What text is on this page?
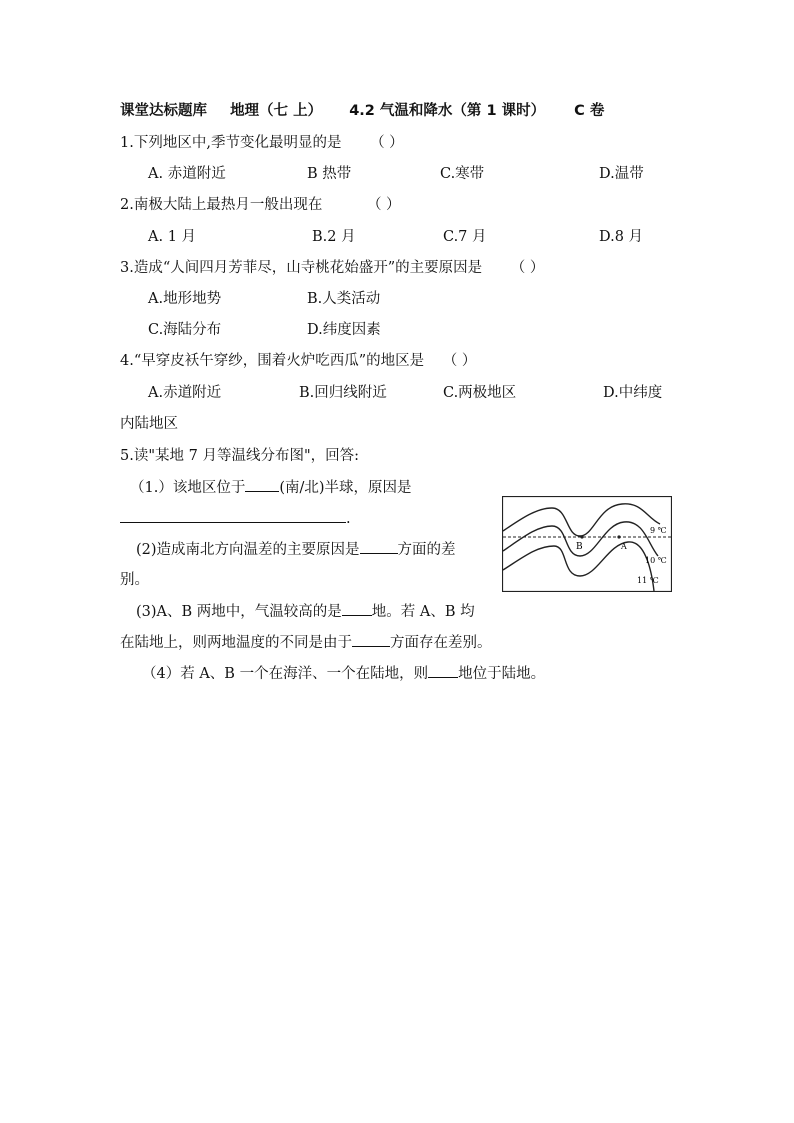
课堂达标题库 地理（七 上） 4.2 气温和降水（第 1 课时） C 卷
1.下列地区中,季节变化最明显的是 （ ）
A. 赤道附近	B 热带	C.寒带	D.温带
2.南极大陆上最热月一般出现在	（ ）
A. 1 月	B.2 月	C.7 月	D.8 月
3.造成“人间四月芳菲尽，山寺桃花始盛开”的主要原因是 （ ）
A.地形地势	B.人类活动
C.海陆分布	D.纬度因素
4.“早穿皮袄午穿纱，围着火炉吃西瓜”的地区是 （ ）
A.赤道附近	B.回归线附近	C.两极地区	D.中纬度
内陆地区
5.读"某地 7 月等温线分布图"，回答:
（1.）该地区位于 (南/北)半球，原因是
.
(2)造成南北方向温差的主要原因是	方面的差
别。
(3)A、B 两地中，气温较高的是 地。若 A、B 均
在陆地上，则两地温度的不同是由于	方面存在差别。
（4）若 A、B 一个在海洋、一个在陆地，则 地位于陆地。
B	A
9 ℃
10 ℃
11 ℃
